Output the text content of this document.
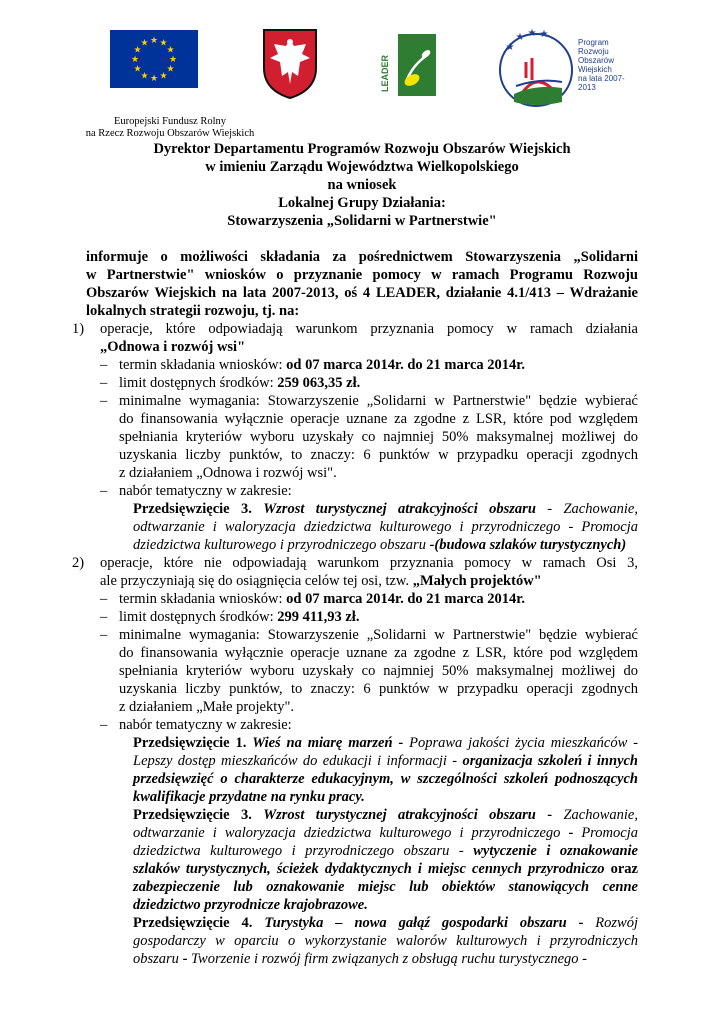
★ ★
★
★
★
★
★
★
★
★
★
★
Europejski Fundusz Rolny
na Rzecz Rozwoju Obszarów Wiejskich
LEADER
★
★ ★ ★
Program
Rozwoju
Obszarów
Wiejskich
na lata 2007-2013
Dyrektor Departamentu Programów Rozwoju Obszarów Wiejskich
w imieniu Zarządu Województwa Wielkopolskiego
na wniosek
Lokalnej Grupy Działania:
Stowarzyszenia „Solidarni w Partnerstwie"
informuje o możliwości składania za pośrednictwem Stowarzyszenia „Solidarni
w Partnerstwie" wniosków o przyznanie pomocy w ramach Programu Rozwoju
Obszarów Wiejskich na lata 2007-2013, oś 4 LEADER, działanie 4.1/413 – Wdrażanie
lokalnych strategii rozwoju, tj. na:
1) operacje, które odpowiadają warunkom przyznania pomocy w ramach działania
„Odnowa i rozwój wsi"
– termin składania wniosków: od 07 marca 2014r. do 21 marca 2014r.
– limit dostępnych środków: 259 063,35 zł.
– minimalne wymagania: Stowarzyszenie „Solidarni w Partnerstwie" będzie wybierać
do finansowania wyłącznie operacje uznane za zgodne z LSR, które pod względem
spełniania kryteriów wyboru uzyskały co najmniej 50% maksymalnej możliwej do
uzyskania liczby punktów, to znaczy: 6 punktów w przypadku operacji zgodnych
z działaniem „Odnowa i rozwój wsi".
– nabór tematyczny w zakresie:
Przedsięwzięcie 3. Wzrost turystycznej atrakcyjności obszaru - Zachowanie, odtwarzanie i waloryzacja dziedzictwa kulturowego i przyrodniczego - Promocja dziedzictwa kulturowego i przyrodniczego obszaru -(budowa szlaków turystycznych)
2) operacje, które nie odpowiadają warunkom przyznania pomocy w ramach Osi 3,
ale przyczyniają się do osiągnięcia celów tej osi, tzw. „Małych projektów"
– termin składania wniosków: od 07 marca 2014r. do 21 marca 2014r.
– limit dostępnych środków: 299 411,93 zł.
– minimalne wymagania: Stowarzyszenie „Solidarni w Partnerstwie" będzie wybierać
do finansowania wyłącznie operacje uznane za zgodne z LSR, które pod względem
spełniania kryteriów wyboru uzyskały co najmniej 50% maksymalnej możliwej do
uzyskania liczby punktów, to znaczy: 6 punktów w przypadku operacji zgodnych
z działaniem „Małe projekty".
– nabór tematyczny w zakresie:
Przedsięwzięcie 1. Wieś na miarę marzeń - Poprawa jakości życia mieszkańców - Lepszy dostęp mieszkańców do edukacji i informacji - organizacja szkoleń i innych przedsięwzięć o charakterze edukacyjnym, w szczególności szkoleń podnoszących kwalifikacje przydatne na rynku pracy.
Przedsięwzięcie 3. Wzrost turystycznej atrakcyjności obszaru - Zachowanie, odtwarzanie i waloryzacja dziedzictwa kulturowego i przyrodniczego - Promocja dziedzictwa kulturowego i przyrodniczego obszaru - wytyczenie i oznakowanie szlaków turystycznych, ścieżek dydaktycznych i miejsc cennych przyrodniczo oraz zabezpieczenie lub oznakowanie miejsc lub obiektów stanowiących cenne dziedzictwo przyrodnicze krajobrazowe.
Przedsięwzięcie 4. Turystyka – nowa gałąź gospodarki obszaru - Rozwój gospodarczy w oparciu o wykorzystanie walorów kulturowych i przyrodniczych obszaru - Tworzenie i rozwój firm związanych z obsługą ruchu turystycznego -
